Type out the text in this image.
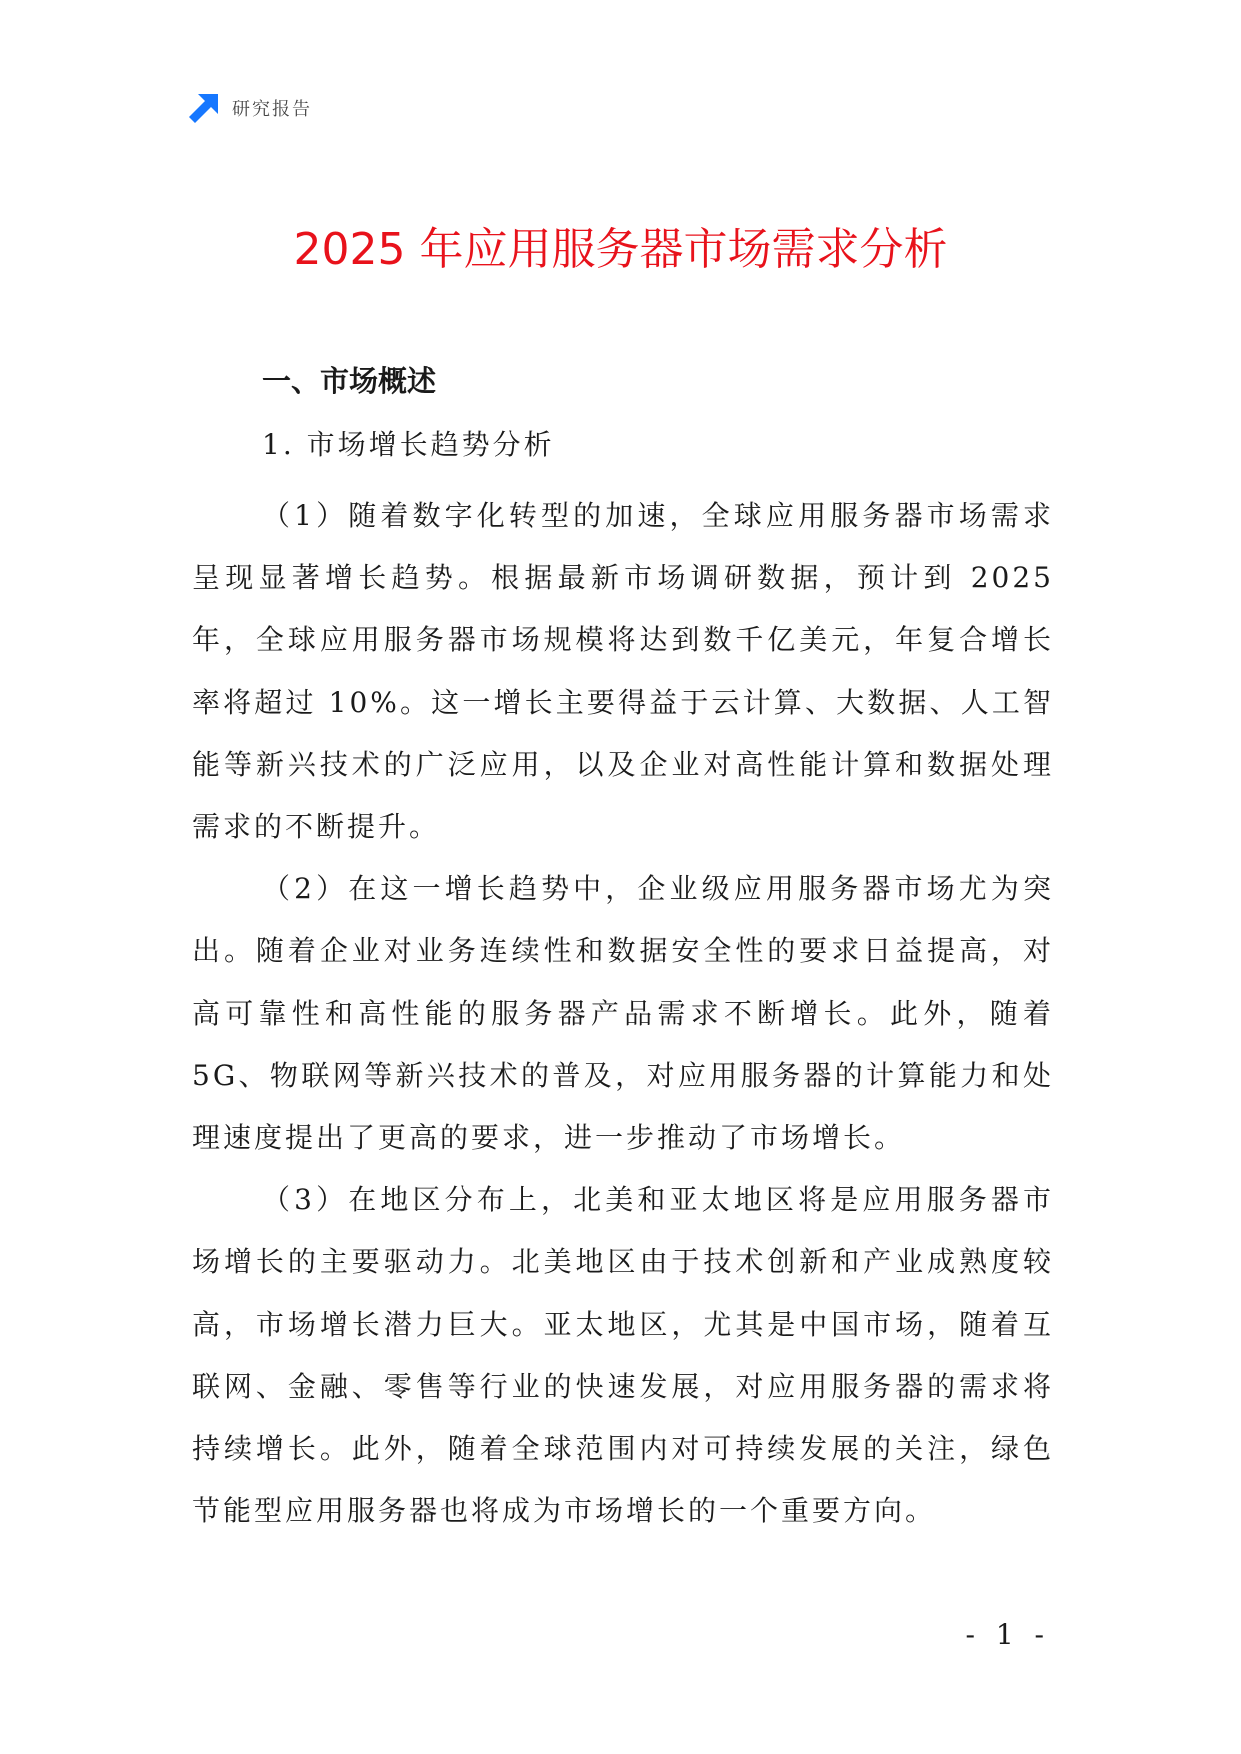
研究报告
2025 年应用服务器市场需求分析
一、市场概述
1. 市场增长趋势分析

（1）随着数字化转型的加速，全球应用服务器市场需求呈现显著增长趋势。根据最新市场调研数据，预计到 2025 年，全球应用服务器市场规模将达到数千亿美元，年复合增长率将超过 10%。这一增长主要得益于云计算、大数据、人工智能等新兴技术的广泛应用，以及企业对高性能计算和数据处理需求的不断提升。

（2）在这一增长趋势中，企业级应用服务器市场尤为突出。随着企业对业务连续性和数据安全性的要求日益提高，对高可靠性和高性能的服务器产品需求不断增长。此外，随着 5G、物联网等新兴技术的普及，对应用服务器的计算能力和处理速度提出了更高的要求，进一步推动了市场增长。

（3）在地区分布上，北美和亚太地区将是应用服务器市场增长的主要驱动力。北美地区由于技术创新和产业成熟度较高，市场增长潜力巨大。亚太地区，尤其是中国市场，随着互联网、金融、零售等行业的快速发展，对应用服务器的需求将持续增长。此外，随着全球范围内对可持续发展的关注，绿色节能型应用服务器也将成为市场增长的一个重要方向。

- 1 -
